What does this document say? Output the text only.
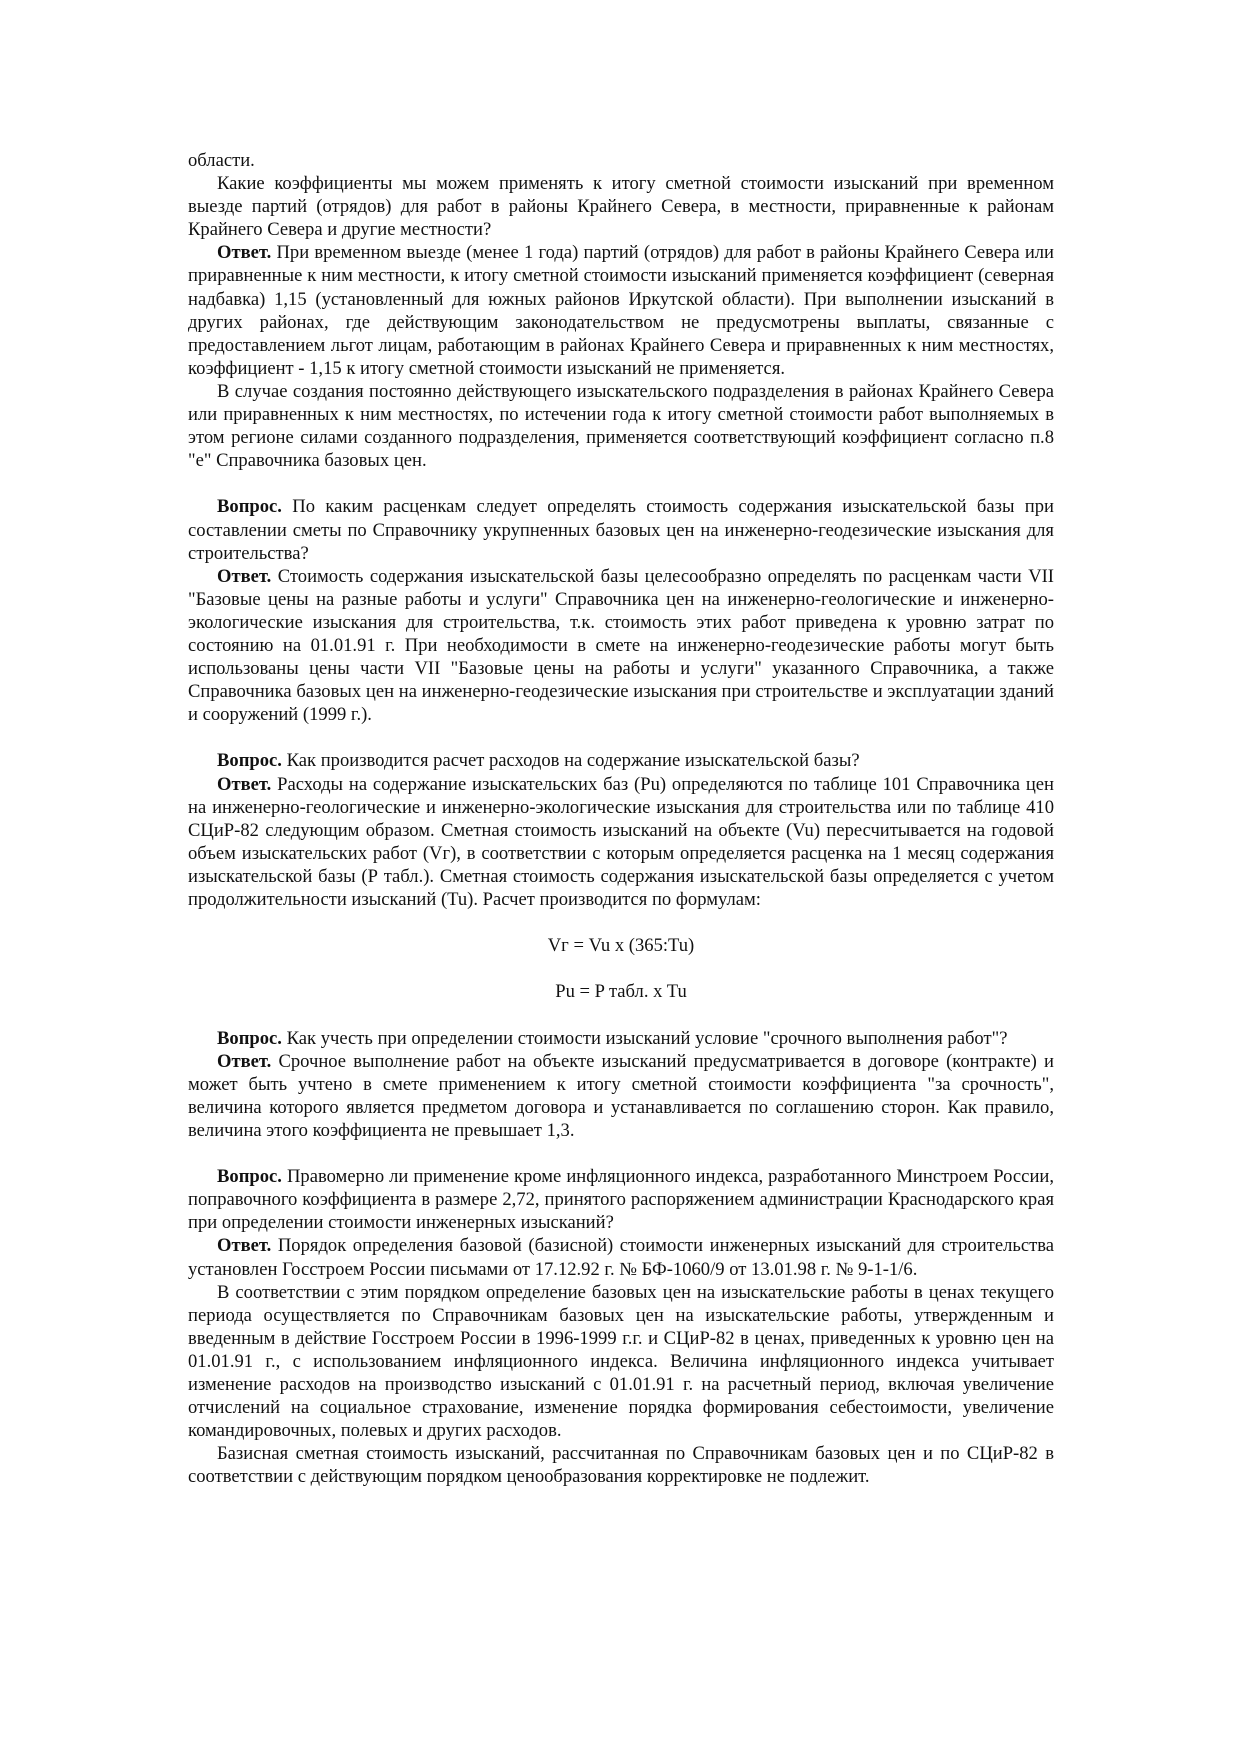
области.

Какие коэффициенты мы можем применять к итогу сметной стоимости изысканий при временном выезде партий (отрядов) для работ в районы Крайнего Севера, в местности, приравненные к районам Крайнего Севера и другие местности?

Ответ. При временном выезде (менее 1 года) партий (отрядов) для работ в районы Крайнего Севера или приравненные к ним местности, к итогу сметной стоимости изысканий применяется коэффициент (северная надбавка) 1,15 (установленный для южных районов Иркутской области). При выполнении изысканий в других районах, где действующим законодательством не предусмотрены выплаты, связанные с предоставлением льгот лицам, работающим в районах Крайнего Севера и приравненных к ним местностях, коэффициент - 1,15 к итогу сметной стоимости изысканий не применяется.

В случае создания постоянно действующего изыскательского подразделения в районах Крайнего Севера или приравненных к ним местностях, по истечении года к итогу сметной стоимости работ выполняемых в этом регионе силами созданного подразделения, применяется соответствующий коэффициент согласно п.8 "е" Справочника базовых цен.

Вопрос. По каким расценкам следует определять стоимость содержания изыскательской базы при составлении сметы по Справочнику укрупненных базовых цен на инженерно-геодезические изыскания для строительства?

Ответ. Стоимость содержания изыскательской базы целесообразно определять по расценкам части VII "Базовые цены на разные работы и услуги" Справочника цен на инженерно-геологические и инженерно-экологические изыскания для строительства, т.к. стоимость этих работ приведена к уровню затрат по состоянию на 01.01.91 г. При необходимости в смете на инженерно-геодезические работы могут быть использованы цены части VII "Базовые цены на работы и услуги" указанного Справочника, а также Справочника базовых цен на инженерно-геодезические изыскания при строительстве и эксплуатации зданий и сооружений (1999 г.).

Вопрос. Как производится расчет расходов на содержание изыскательской базы?

Ответ. Расходы на содержание изыскательских баз (Pu) определяются по таблице 101 Справочника цен на инженерно-геологические и инженерно-экологические изыскания для строительства или по таблице 410 СЦиР-82 следующим образом. Сметная стоимость изысканий на объекте (Vu) пересчитывается на годовой объем изыскательских работ (Vг), в соответствии с которым определяется расценка на 1 месяц содержания изыскательской базы (Р табл.). Сметная стоимость содержания изыскательской базы определяется с учетом продолжительности изысканий (Tu). Расчет производится по формулам:

Vг = Vu x (365:Tu)

Pu = P табл. x Tu

Вопрос. Как учесть при определении стоимости изысканий условие "срочного выполнения работ"?

Ответ. Срочное выполнение работ на объекте изысканий предусматривается в договоре (контракте) и может быть учтено в смете применением к итогу сметной стоимости коэффициента "за срочность", величина которого является предметом договора и устанавливается по соглашению сторон. Как правило, величина этого коэффициента не превышает 1,3.

Вопрос. Правомерно ли применение кроме инфляционного индекса, разработанного Минстроем России, поправочного коэффициента в размере 2,72, принятого распоряжением администрации Краснодарского края при определении стоимости инженерных изысканий?

Ответ. Порядок определения базовой (базисной) стоимости инженерных изысканий для строительства установлен Госстроем России письмами от 17.12.92 г. № БФ-1060/9 от 13.01.98 г. № 9-1-1/6.

В соответствии с этим порядком определение базовых цен на изыскательские работы в ценах текущего периода осуществляется по Справочникам базовых цен на изыскательские работы, утвержденным и введенным в действие Госстроем России в 1996-1999 г.г. и СЦиР-82 в ценах, приведенных к уровню цен на 01.01.91 г., с использованием инфляционного индекса. Величина инфляционного индекса учитывает изменение расходов на производство изысканий с 01.01.91 г. на расчетный период, включая увеличение отчислений на социальное страхование, изменение порядка формирования себестоимости, увеличение командировочных, полевых и других расходов.

Базисная сметная стоимость изысканий, рассчитанная по Справочникам базовых цен и по СЦиР-82 в соответствии с действующим порядком ценообразования корректировке не подлежит.
